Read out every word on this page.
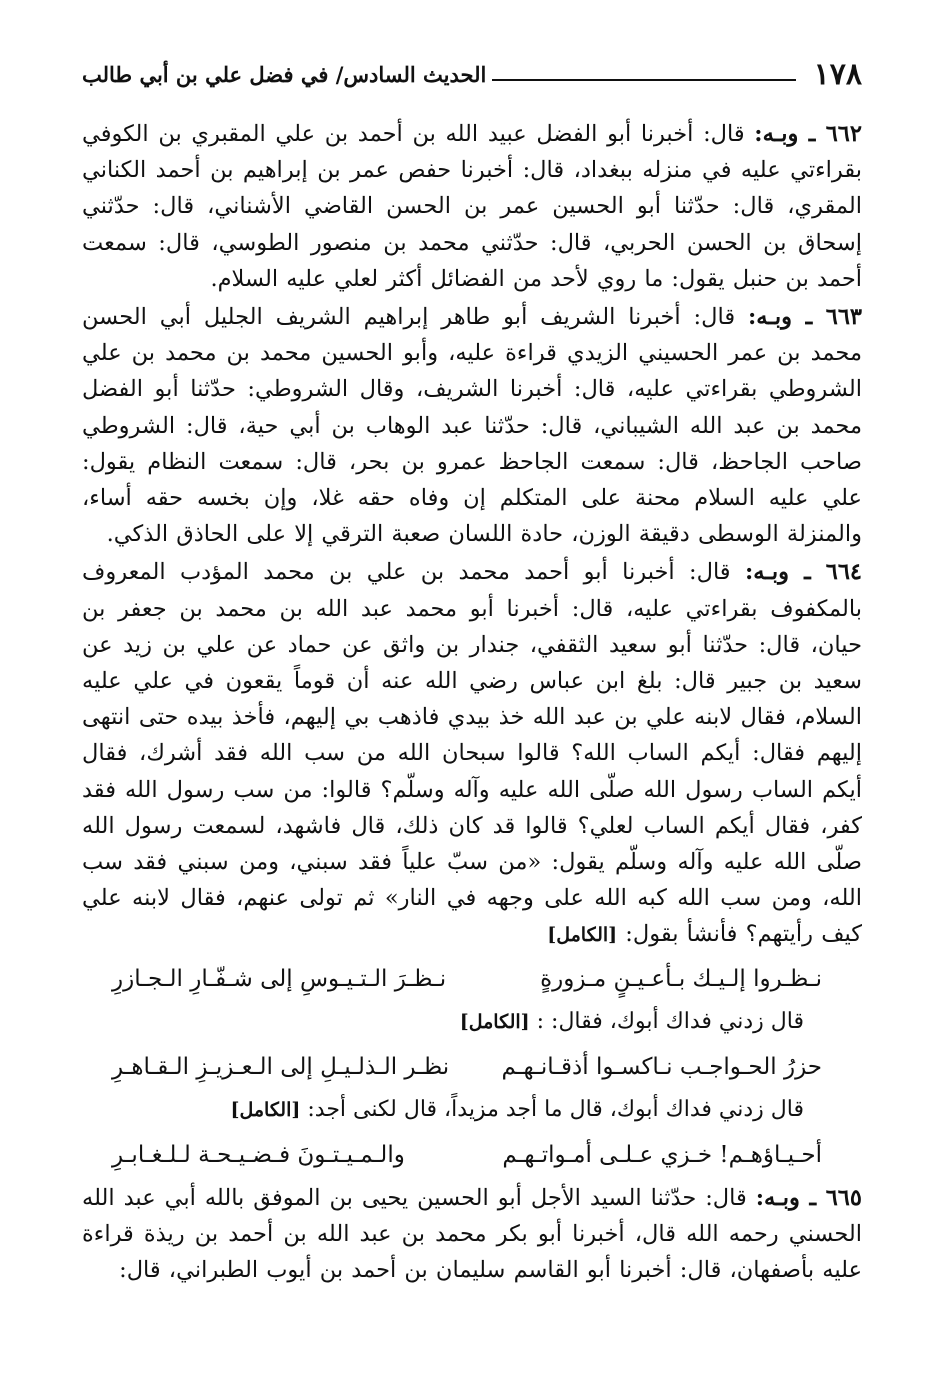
١٧٨
الحديث السادس/ في فضل علي بن أبي طالب

٦٦٢ ـ وبـه: قال: أخبرنا أبو الفضل عبيد الله بن أحمد بن علي المقبري بن الكوفي بقراءتي عليه في منزله ببغداد، قال: أخبرنا حفص عمر بن إبراهيم بن أحمد الكناني المقري، قال: حدّثنا أبو الحسين عمر بن الحسن القاضي الأشناني، قال: حدّثني إسحاق بن الحسن الحربي، قال: حدّثني محمد بن منصور الطوسي، قال: سمعت أحمد بن حنبل يقول: ما روي لأحد من الفضائل أكثر لعلي عليه السلام.

٦٦٣ ـ وبـه: قال: أخبرنا الشريف أبو طاهر إبراهيم الشريف الجليل أبي الحسن محمد بن عمر الحسيني الزيدي قراءة عليه، وأبو الحسين محمد بن محمد بن علي الشروطي بقراءتي عليه، قال: أخبرنا الشريف، وقال الشروطي: حدّثنا أبو الفضل محمد بن عبد الله الشيباني، قال: حدّثنا عبد الوهاب بن أبي حية، قال: الشروطي صاحب الجاحظ، قال: سمعت الجاحظ عمرو بن بحر، قال: سمعت النظام يقول: علي عليه السلام محنة على المتكلم إن وفاه حقه غلا، وإن بخسه حقه أساء، والمنزلة الوسطى دقيقة الوزن، حادة اللسان صعبة الترقي إلا على الحاذق الذكي.

٦٦٤ ـ وبـه: قال: أخبرنا أبو أحمد محمد بن علي بن محمد المؤدب المعروف بالمكفوف بقراءتي عليه، قال: أخبرنا أبو محمد عبد الله بن محمد بن جعفر بن حيان، قال: حدّثنا أبو سعيد الثقفي، جندار بن واثق عن حماد عن علي بن زيد عن سعيد بن جبير قال: بلغ ابن عباس رضي الله عنه أن قوماً يقعون في علي عليه السلام، فقال لابنه علي بن عبد الله خذ بيدي فاذهب بي إليهم، فأخذ بيده حتى انتهى إليهم فقال: أيكم الساب الله؟ قالوا سبحان الله من سب الله فقد أشرك، فقال أيكم الساب رسول الله صلّى الله عليه وآله وسلّم؟ قالوا: من سب رسول الله فقد كفر، فقال أيكم الساب لعلي؟ قالوا قد كان ذلك، قال فاشهد، لسمعت رسول الله صلّى الله عليه وآله وسلّم يقول: «من سبّ علياً فقد سبني، ومن سبني فقد سب الله، ومن سب الله كبه الله على وجهه في النار» ثم تولى عنهم، فقال لابنه علي كيف رأيتهم؟ فأنشأ بقول: [الكامل]

نـظـروا إلـيـك بـأعـيـنٍ مـزورةٍ
نـظـرَ الـتـيـوسِ إلى شـفّـارِ الـجـازرِ
قال زدني فداك أبوك، فقال: : [الكامل]
حزرُ الحـواجـب نـاكسـوا أذقـانـهـم
نظـر الـذلـيـلِ إلى الـعـزيـزِ الـقـاهـرِ
قال زدني فداك أبوك، قال ما أجد مزيداً، قال لكنى أجد: [الكامل]
أحـيـاؤهـم! خـزي عـلـى أمـواتـهـم
والـمـيـتـونَ فـضـيـحـة لـلـغـابـرِ

٦٦٥ ـ وبـه: قال: حدّثنا السيد الأجل أبو الحسين يحيى بن الموفق بالله أبي عبد الله الحسني رحمه الله قال، أخبرنا أبو بكر محمد بن عبد الله بن أحمد بن ريذة قراءة عليه بأصفهان، قال: أخبرنا أبو القاسم سليمان بن أحمد بن أيوب الطبراني، قال:
